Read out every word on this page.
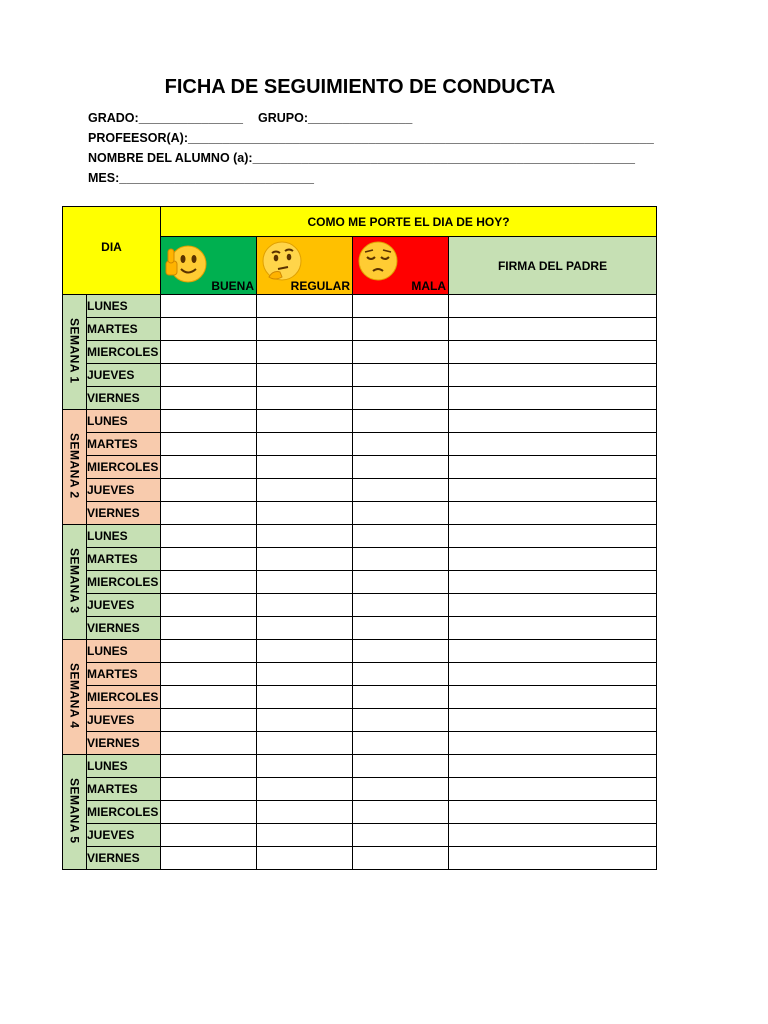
FICHA DE SEGUIMIENTO DE CONDUCTA
GRADO:_______________ GRUPO:_______________
PROFEESOR(A):___________________________________________________________________
NOMBRE DEL ALUMNO (a):_______________________________________________________
MES:____________________________
DIA		COMO ME PORTE EL DIA DE HOY?			

		BUENA	REGULAR	MALA	FIRMA DEL PADRE
SEMANA 1	LUNES				
	MARTES				
	MIERCOLES				
	JUEVES				
	VIERNES				
SEMANA 2	LUNES				
	MARTES				
	MIERCOLES				
	JUEVES				
	VIERNES				
SEMANA 3	LUNES				
	MARTES				
	MIERCOLES				
	JUEVES				
	VIERNES				
SEMANA 4	LUNES				
	MARTES				
	MIERCOLES				
	JUEVES				
	VIERNES				
SEMANA 5	LUNES				
	MARTES				
	MIERCOLES				
	JUEVES				
	VIERNES				
